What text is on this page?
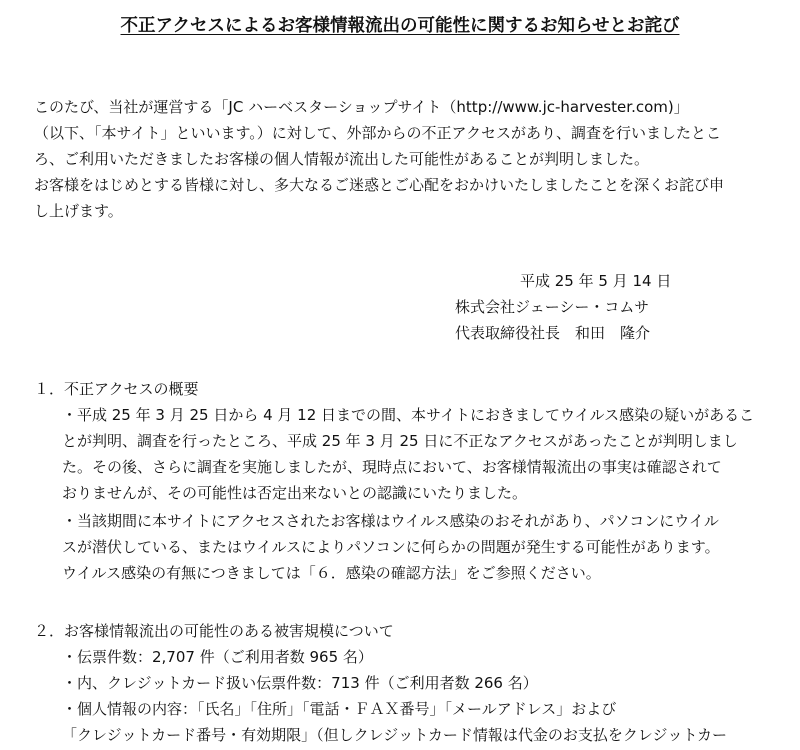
不正アクセスによるお客様情報流出の可能性に関するお知らせとお詫び
このたび、当社が運営する「JC ハーベスターショップサイト（http://www.jc-harvester.com)」
（以下、「本サイト」といいます。）に対して、外部からの不正アクセスがあり、調査を行いましたとこ
ろ、ご利用いただきましたお客様の個人情報が流出した可能性があることが判明しました。
お客様をはじめとする皆様に対し、多大なるご迷惑とご心配をおかけいたしましたことを深くお詫び申
し上げます。
平成 25 年 5 月 14 日
株式会社ジェーシー・コムサ
代表取締役社長　和田　隆介
１．不正アクセスの概要
・平成 25 年 3 月 25 日から 4 月 12 日までの間、本サイトにおきましてウイルス感染の疑いがあるこ
とが判明、調査を行ったところ、平成 25 年 3 月 25 日に不正なアクセスがあったことが判明しまし
た。その後、さらに調査を実施しましたが、現時点において、お客様情報流出の事実は確認されて
おりませんが、その可能性は否定出来ないとの認識にいたりました。
・当該期間に本サイトにアクセスされたお客様はウイルス感染のおそれがあり、パソコンにウイル
スが潜伏している、またはウイルスによりパソコンに何らかの問題が発生する可能性があります。
ウイルス感染の有無につきましては「６．感染の確認方法」をご参照ください。
２．お客様情報流出の可能性のある被害規模について
・伝票件数：2,707 件（ご利用者数 965 名）
・内、クレジットカード扱い伝票件数：713 件（ご利用者数 266 名）
・個人情報の内容：「氏名」「住所」「電話・ＦＡＸ番号」「メールアドレス」および
「クレジットカード番号・有効期限」（但しクレジットカード情報は代金のお支払をクレジットカー
